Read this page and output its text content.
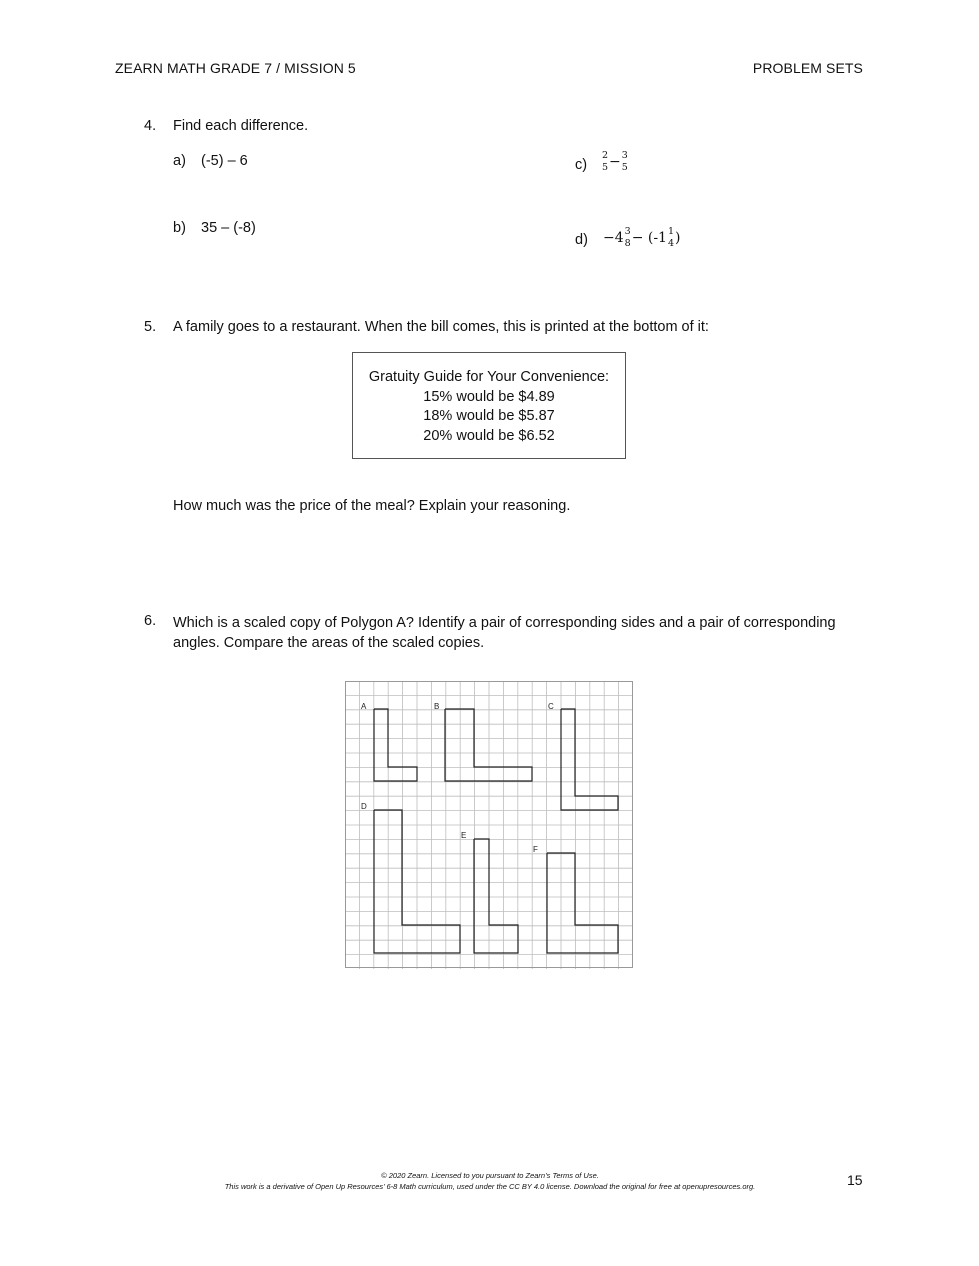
ZEARN MATH GRADE 7 / MISSION 5	PROBLEM SETS
4.	Find each difference.
a) (-5) – 6
b) 35 – (-8)
c)
2
5 − 3
5
d) −4 3
8 − (-1 1
4 )
5.	A family goes to a restaurant. When the bill comes, this is printed at the bottom of it:
Gratuity Guide for Your Convenience:
15% would be $4.89
18% would be $5.87
20% would be $6.52
How much was the price of the meal? Explain your reasoning.
6.	Which is a scaled copy of Polygon A? Identify a pair of corresponding sides and a pair of corresponding
angles. Compare the areas of the scaled copies.
A	B	C
D
E
F
© 2020 Zearn. Licensed to you pursuant to Zearn’s Terms of Use.
This work is a derivative of Open Up Resources’ 6-8 Math curriculum, used under the CC BY 4.0 license. Download the original for free at openupresources.org.	15
